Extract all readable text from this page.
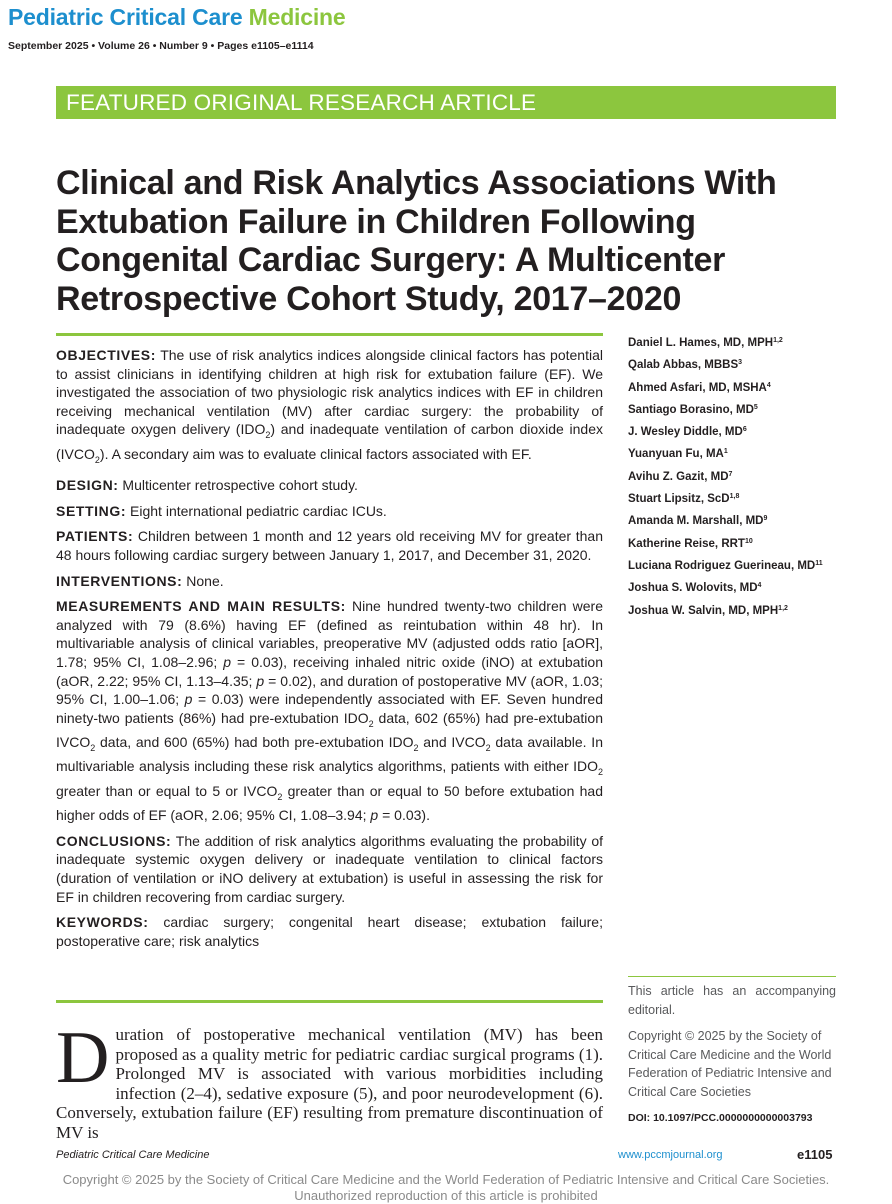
Pediatric Critical Care Medicine
September 2025 • Volume 26 • Number 9 • Pages e1105–e1114
FEATURED ORIGINAL RESEARCH ARTICLE
Clinical and Risk Analytics Associations With Extubation Failure in Children Following Congenital Cardiac Surgery: A Multicenter Retrospective Cohort Study, 2017–2020

OBJECTIVES: The use of risk analytics indices alongside clinical factors has potential to assist clinicians in identifying children at high risk for extubation failure (EF). We investigated the association of two physiologic risk analytics indices with EF in children receiving mechanical ventilation (MV) after cardiac surgery: the probability of inadequate oxygen delivery $(IDO_2)$ and inadequate ventilation of carbon dioxide index $(IVCO_2)$. A secondary aim was to evaluate clinical factors associated with EF.

DESIGN: Multicenter retrospective cohort study.

SETTING: Eight international pediatric cardiac ICUs.

PATIENTS: Children between 1 month and 12 years old receiving MV for greater than 48 hours following cardiac surgery between January 1, 2017, and December 31, 2020.

INTERVENTIONS: None.

MEASUREMENTS AND MAIN RESULTS: Nine hundred twenty-two children were analyzed with 79 (8.6%) having EF (defined as reintubation within 48 hr). In multivariable analysis of clinical variables, preoperative MV (adjusted odds ratio [aOR], 1.78; 95% CI, 1.08–2.96; p = 0.03), receiving inhaled nitric oxide (iNO) at extubation (aOR, 2.22; 95% CI, 1.13–4.35; p = 0.02), and duration of postoperative MV (aOR, 1.03; 95% CI, 1.00–1.06; p = 0.03) were independently associated with EF. Seven hundred ninety-two patients (86%) had pre-extubation $IDO_2$ data, 602 (65%) had pre-extubation $IVCO_2$ data, and 600 (65%) had both pre-extubation $IDO_2$ and $IVCO_2$ data available. In multivariable analysis including these risk analytics algorithms, patients with either $IDO_2$ greater than or equal to 5 or $IVCO_2$ greater than or equal to 50 before extubation had higher odds of EF (aOR, 2.06; 95% CI, 1.08–3.94; p = 0.03).

CONCLUSIONS: The addition of risk analytics algorithms evaluating the probability of inadequate systemic oxygen delivery or inadequate ventilation to clinical factors (duration of ventilation or iNO delivery at extubation) is useful in assessing the risk for EF in children recovering from cardiac surgery.

KEYWORDS: cardiac surgery; congenital heart disease; extubation failure; postoperative care; risk analytics

Daniel L. Hames, MD, MPH$^{1,2}$
Qalab Abbas, MBBS$^3$
Ahmed Asfari, MD, MSHA$^4$
Santiago Borasino, $MD^5$
J. Wesley Diddle, $MD^6$
Yuanyuan Fu, $MA^1$
Avihu Z. Gazit, $MD^7$
Stuart Lipsitz, ScD$^{1,8}$
Amanda M. Marshall, $MD^9$
Katherine Reise, RRT$^{10}$
Luciana Rodriguez Guerineau, MD$^{11}$
Joshua S. Wolovits, $MD^4$
Joshua W. Salvin, MD, MPH$^{1,2}$
This article has an accompanying editorial.
Copyright © 2025 by the Society of Critical Care Medicine and the World Federation of Pediatric Intensive and Critical Care Societies
DOI: 10.1097/PCC.0000000000003793
Duration of postoperative mechanical ventilation (MV) has been proposed as a quality metric for pediatric cardiac surgical programs (1). Prolonged MV is associated with various morbidities including infection (2–4), sedative exposure (5), and poor neurodevelopment (6). Conversely, extubation failure (EF) resulting from premature discontinuation of MV is
Pediatric Critical Care Medicine	www.pccmjournal.org	e1105
Copyright © 2025 by the Society of Critical Care Medicine and the World Federation of Pediatric Intensive and Critical Care Societies.
Unauthorized reproduction of this article is prohibited
